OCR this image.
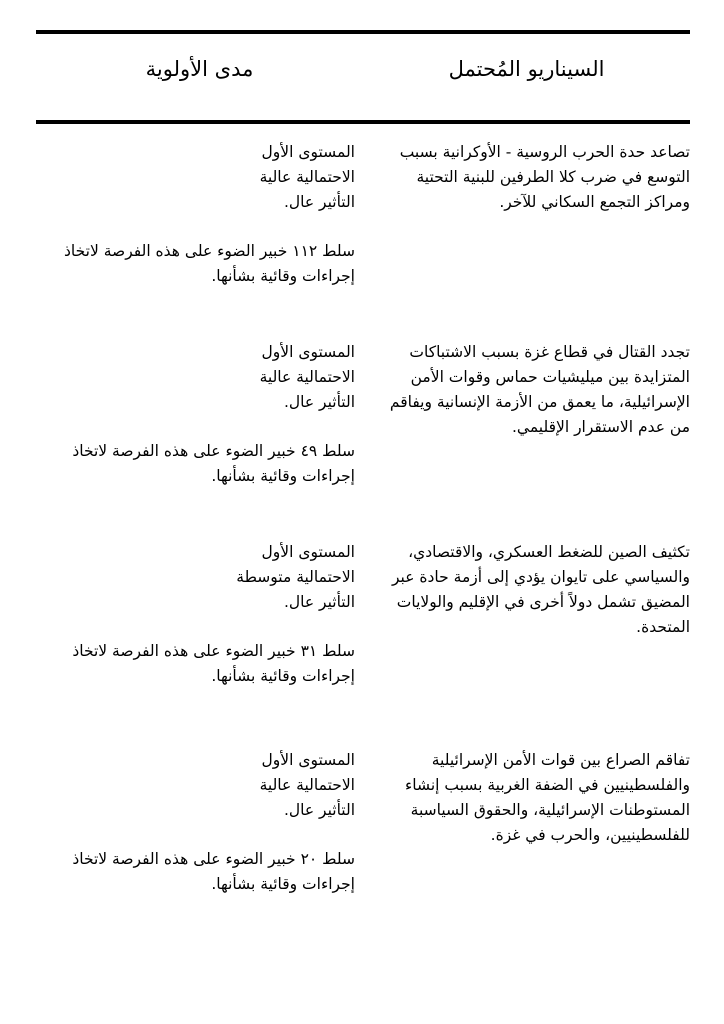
السيناريو المُحتمل
مدى الأولوية
تصاعد حدة الحرب الروسية - الأوكرانية بسبب التوسع في ضرب كلا الطرفين للبنية التحتية ومراكز التجمع السكاني للآخر.
المستوى الأول
الاحتمالية عالية
التأثير عال.
سلط ١١٢ خبير الضوء على هذه الفرصة لاتخاذ إجراءات وقائية بشأنها.
تجدد القتال في قطاع غزة بسبب الاشتباكات المتزايدة بين ميليشيات حماس وقوات الأمن الإسرائيلية، ما يعمق من الأزمة الإنسانية ويفاقم من عدم الاستقرار الإقليمي.
المستوى الأول
الاحتمالية عالية
التأثير عال.
سلط ٤٩ خبير الضوء على هذه الفرصة لاتخاذ إجراءات وقائية بشأنها.
تكثيف الصين للضغط العسكري، والاقتصادي، والسياسي على تايوان يؤدي إلى أزمة حادة عبر المضيق تشمل دولاً أخرى في الإقليم والولايات المتحدة.
المستوى الأول
الاحتمالية متوسطة
التأثير عال.
سلط ٣١ خبير الضوء على هذه الفرصة لاتخاذ إجراءات وقائية بشأنها.
تفاقم الصراع بين قوات الأمن الإسرائيلية والفلسطينيين في الضفة الغربية بسبب إنشاء المستوطنات الإسرائيلية، والحقوق السياسبة للفلسطينيين، والحرب في غزة.
المستوى الأول
الاحتمالية عالية
التأثير عال.
سلط ٢٠ خبير الضوء على هذه الفرصة لاتخاذ إجراءات وقائية بشأنها.
